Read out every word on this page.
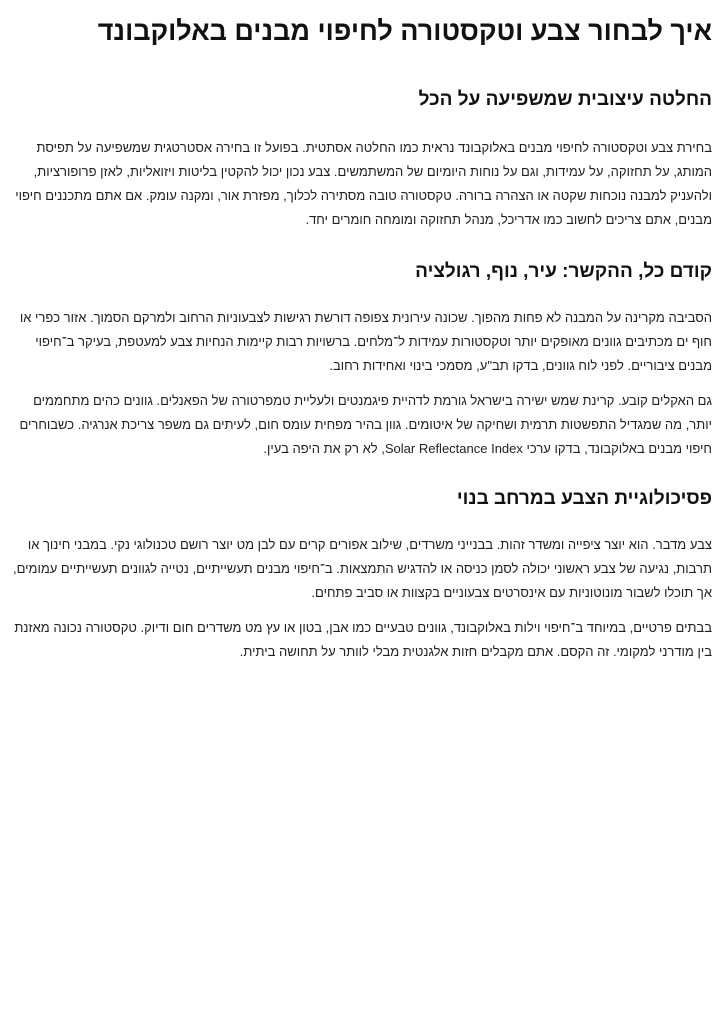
איך לבחור צבע וטקסטורה לחיפוי מבנים באלוקבונד
החלטה עיצובית שמשפיעה על הכל

בחירת צבע וטקסטורה לחיפוי מבנים באלוקבונד נראית כמו החלטה אסתטית. בפועל זו בחירה אסטרטגית שמשפיעה על תפיסת המותג, על תחזוקה, על עמידות, וגם על נוחות היומיום של המשתמשים. צבע נכון יכול להקטין בליטות ויזואליות, לאזן פרופורציות, ולהעניק למבנה נוכחות שקטה או הצהרה ברורה. טקסטורה טובה מסתירה לכלוך, מפזרת אור, ומקנה עומק. אם אתם מתכננים חיפוי מבנים, אתם צריכים לחשוב כמו אדריכל, מנהל תחזוקה ומומחה חומרים יחד.

קודם כל, ההקשר: עיר, נוף, רגולציה

הסביבה מקרינה על המבנה לא פחות מהפוך. שכונה עירונית צפופה דורשת רגישות לצבעוניות הרחוב ולמרקם הסמוך. אזור כפרי או חוף ים מכתיבים גוונים מאופקים יותר וטקסטורות עמידות ל־מלחים. ברשויות רבות קיימות הנחיות צבע למעטפת, בעיקר ב־חיפוי מבנים ציבוריים. לפני לוח גוונים, בדקו תב"ע, מסמכי בינוי ואחידות רחוב.

גם האקלים קובע. קרינת שמש ישירה בישראל גורמת לדהיית פיגמנטים ולעליית טמפרטורה של הפאנלים. גוונים כהים מתחממים יותר, מה שמגדיל התפשטות תרמית ושחיקה של איטומים. גוון בהיר מפחית עומס חום, לעיתים גם משפר צריכת אנרגיה. כשבוחרים חיפוי מבנים באלוקבונד, בדקו ערכי Solar Reflectance Index, לא רק את היפה בעין.

פסיכולוגיית הצבע במרחב בנוי

צבע מדבר. הוא יוצר ציפייה ומשדר זהות. בבנייני משרדים, שילוב אפורים קרים עם לבן מט יוצר רושם טכנולוגי נקי. במבני חינוך או תרבות, נגיעה של צבע ראשוני יכולה לסמן כניסה או להדגיש התמצאות. ב־חיפוי מבנים תעשייתיים, נטייה לגוונים תעשייתיים עמומים, אך תוכלו לשבור מונוטוניות עם אינסרטים צבעוניים בקצוות או סביב פתחים.

בבתים פרטיים, במיוחד ב־חיפוי וילות באלוקבונד, גוונים טבעיים כמו אבן, בטון או עץ מט משדרים חום ודיוק. טקסטורה נכונה מאזנת בין מודרני למקומי. זה הקסם. אתם מקבלים חזות אלגנטית מבלי לוותר על תחושה ביתית.
